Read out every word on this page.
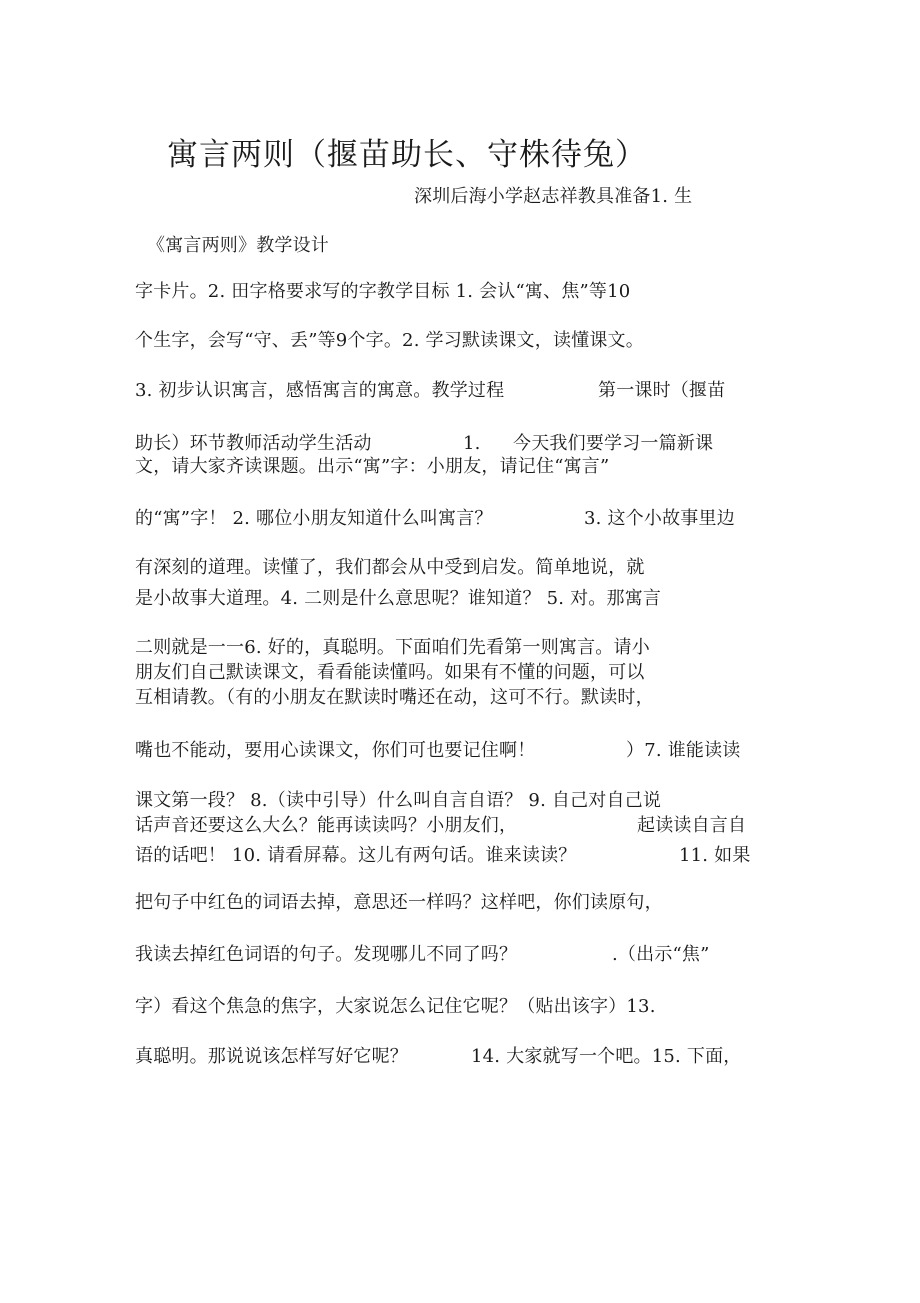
寓言两则（揠苗助长、守株待兔）
深圳后海小学赵志祥教具准备1. 生
《寓言两则》教学设计
字卡片。2. 田字格要求写的字教学目标 1. 会认“寓、焦”等10
个生字，会写“守、丢”等9个字。2. 学习默读课文，读懂课文。
3. 初步认识寓言，感悟寓言的寓意。教学过程	第一课时（揠苗
助长）环节教师活动学生活动	1. 今天我们要学习一篇新课
文，请大家齐读课题。出示“寓”字：小朋友，请记住“寓言”
的“寓”字！ 2. 哪位小朋友知道什么叫寓言？	3. 这个小故事里边
有深刻的道理。读懂了，我们都会从中受到启发。简单地说，就
是小故事大道理。4. 二则是什么意思呢？谁知道？ 5. 对。那寓言
二则就是一一6. 好的，真聪明。下面咱们先看第一则寓言。请小
朋友们自己默读课文，看看能读懂吗。如果有不懂的问题，可以
互相请教。（有的小朋友在默读时嘴还在动，这可不行。默读时，
嘴也不能动，要用心读课文，你们可也要记住啊！	）7. 谁能读读
课文第一段？ 8.（读中引导）什么叫自言自语？ 9. 自己对自己说
话声音还要这么大么？能再读读吗？小朋友们，	起读读自言自
语的话吧！ 10. 请看屏幕。这儿有两句话。谁来读读？	11. 如果
把句子中红色的词语去掉，意思还一样吗？这样吧，你们读原句，
我读去掉红色词语的句子。发现哪儿不同了吗？	.（出示“焦”
字）看这个焦急的焦字，大家说怎么记住它呢？（贴出该字）13.
真聪明。那说说该怎样写好它呢？	14. 大家就写一个吧。15. 下面，
